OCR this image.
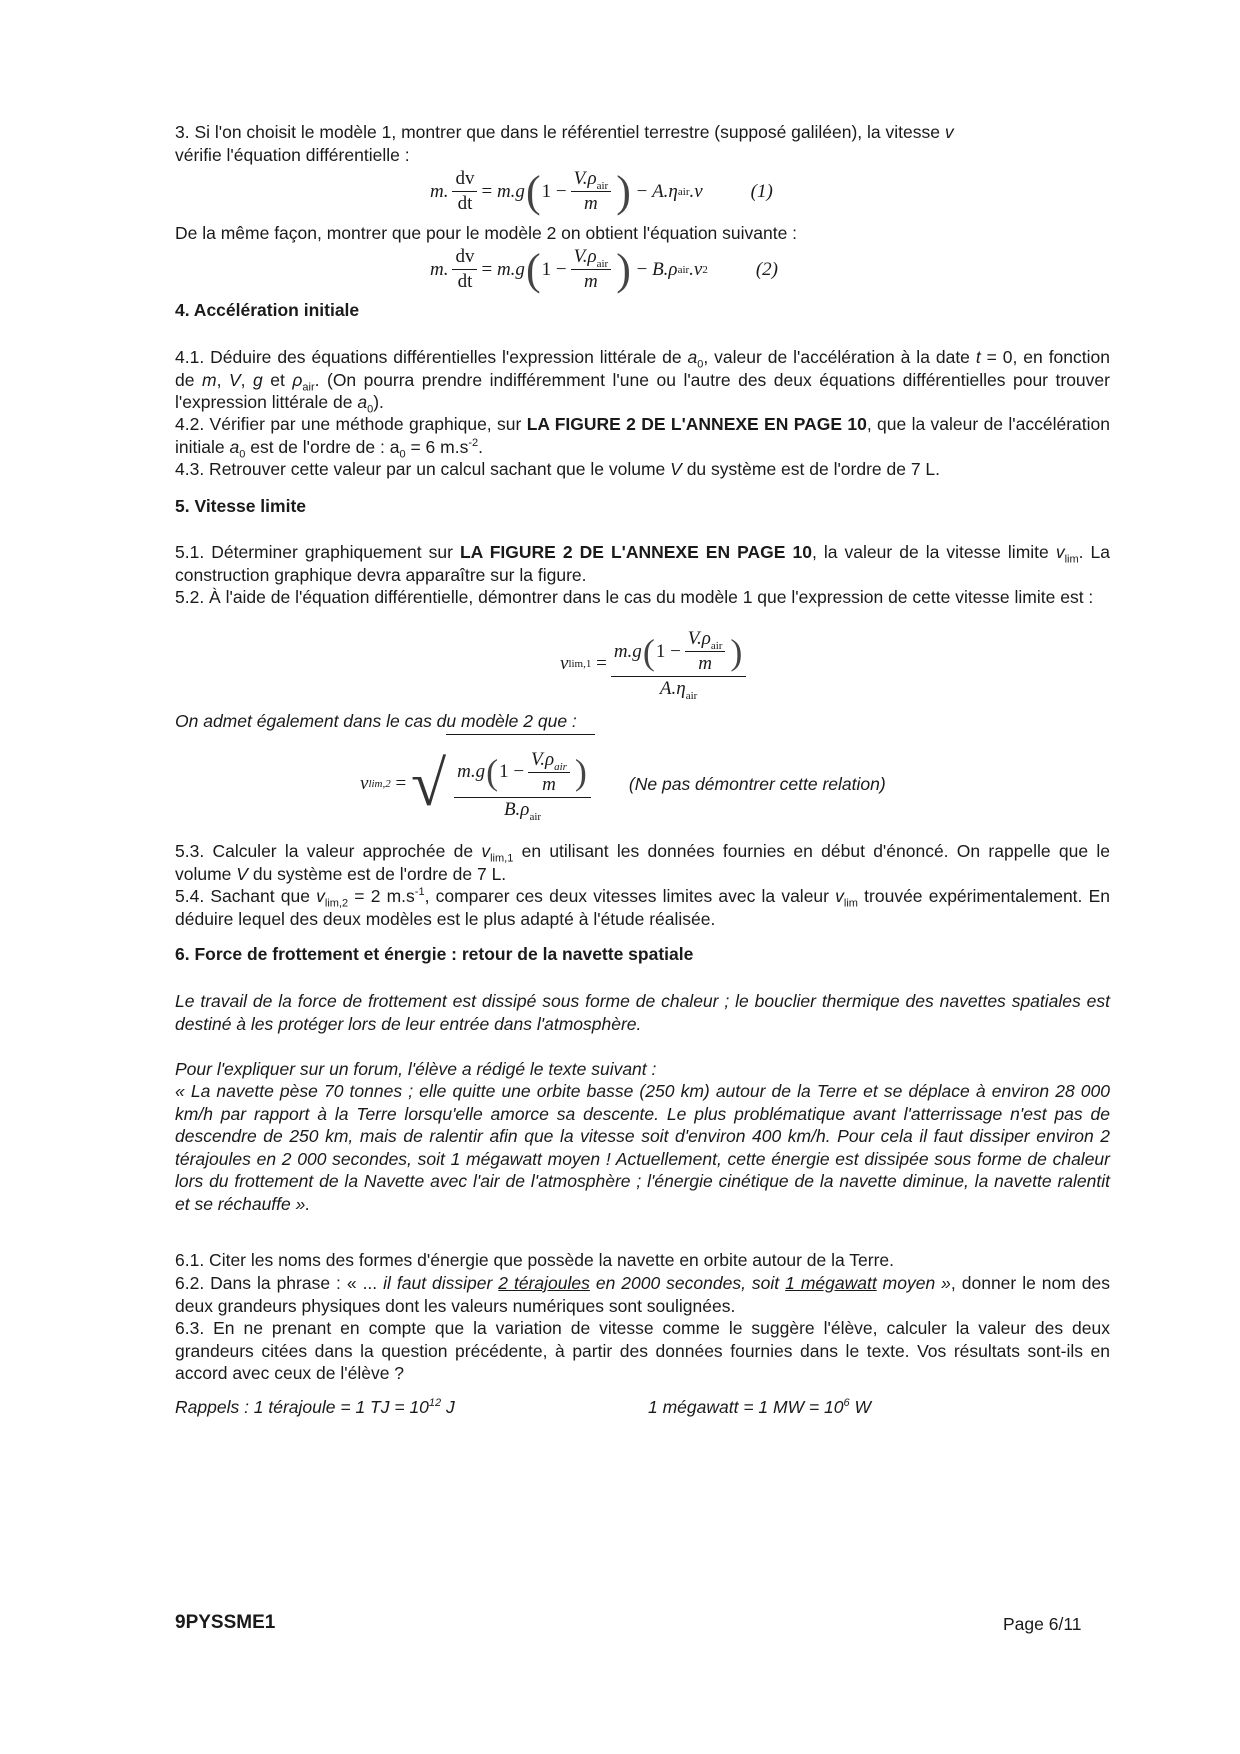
3. Si l'on choisit le modèle 1, montrer que dans le référentiel terrestre (supposé galiléen), la vitesse v

vérifie l'équation différentielle :

m. $\frac{dv}{dt} = m.g$ ( $1 - \frac{V.\rho_{air}}{m}$ ) − A.η air .v	(1)

De la même façon, montrer que pour le modèle 2 on obtient l'équation suivante :

m. $\frac{dv}{dt} = m.g$ ( $1 - \frac{V.\rho_{air}}{m}$ ) − B.ρ air .v 2	(2)

4. Accélération initiale

4.1. Déduire des équations différentielles l'expression littérale de $a_0$, valeur de l'accélération à la date t = 0, en fonction de m, V, g et $\rho_{air}$. (On pourra prendre indifféremment l'une ou l'autre des deux équations différentielles pour trouver l'expression littérale de $a_0$).

4.2. Vérifier par une méthode graphique, sur LA FIGURE 2 DE L'ANNEXE EN PAGE 10, que la valeur de l'accélération initiale $a_0$ est de l'ordre de : $a_0 = 6$ $m.s^{-2}$.

4.3. Retrouver cette valeur par un calcul sachant que le volume V du système est de l'ordre de 7 L.

5. Vitesse limite

5.1. Déterminer graphiquement sur LA FIGURE 2 DE L'ANNEXE EN PAGE 10, la valeur de la vitesse limite $v_{lim}$. La construction graphique devra apparaître sur la figure.

5.2. À l'aide de l'équation différentielle, démontrer dans le cas du modèle 1 que l'expression de cette vitesse limite est :

v $\lim,1 = \frac{m.g ( 1 - \frac{V.\rho_{air}}{m} )}{A.\eta_{air}}$

On admet également dans le cas du modèle 2 que :

v lim,2 = √ $\frac{m.g ( 1 - \frac{V.\rho_{air}}{m} )}{B.\rho_{air}} (Ne$ pas démontrer cette relation)

5.3. Calculer la valeur approchée de $v_{lim,1}$ en utilisant les données fournies en début d'énoncé. On rappelle que le volume V du système est de l'ordre de 7 L.

5.4. Sachant que $v_{lim,2} = 2$ $m.s^{-1}$, comparer ces deux vitesses limites avec la valeur $v_{lim}$ trouvée expérimentalement. En déduire lequel des deux modèles est le plus adapté à l'étude réalisée.

6. Force de frottement et énergie : retour de la navette spatiale

Le travail de la force de frottement est dissipé sous forme de chaleur ; le bouclier thermique des navettes spatiales est destiné à les protéger lors de leur entrée dans l'atmosphère.

Pour l'expliquer sur un forum, l'élève a rédigé le texte suivant :

« La navette pèse 70 tonnes ; elle quitte une orbite basse (250 km) autour de la Terre et se déplace à environ 28 000 km/h par rapport à la Terre lorsqu'elle amorce sa descente. Le plus problématique avant l'atterrissage n'est pas de descendre de 250 km, mais de ralentir afin que la vitesse soit d'environ 400 km/h. Pour cela il faut dissiper environ 2 térajoules en 2 000 secondes, soit 1 mégawatt moyen ! Actuellement, cette énergie est dissipée sous forme de chaleur lors du frottement de la Navette avec l'air de l'atmosphère ; l'énergie cinétique de la navette diminue, la navette ralentit et se réchauffe ».

6.1. Citer les noms des formes d'énergie que possède la navette en orbite autour de la Terre.

6.2. Dans la phrase : « ... il faut dissiper 2 térajoules en 2000 secondes, soit 1 mégawatt moyen », donner le nom des deux grandeurs physiques dont les valeurs numériques sont soulignées.

6.3. En ne prenant en compte que la variation de vitesse comme le suggère l'élève, calculer la valeur des deux grandeurs citées dans la question précédente, à partir des données fournies dans le texte. Vos résultats sont-ils en accord avec ceux de l'élève ?

Rappels : 1 térajoule = 1 TJ = $10^{12}$ J	1 mégawatt = 1 MW = $10^6$ W
9PYSSME1	Page 6/11
